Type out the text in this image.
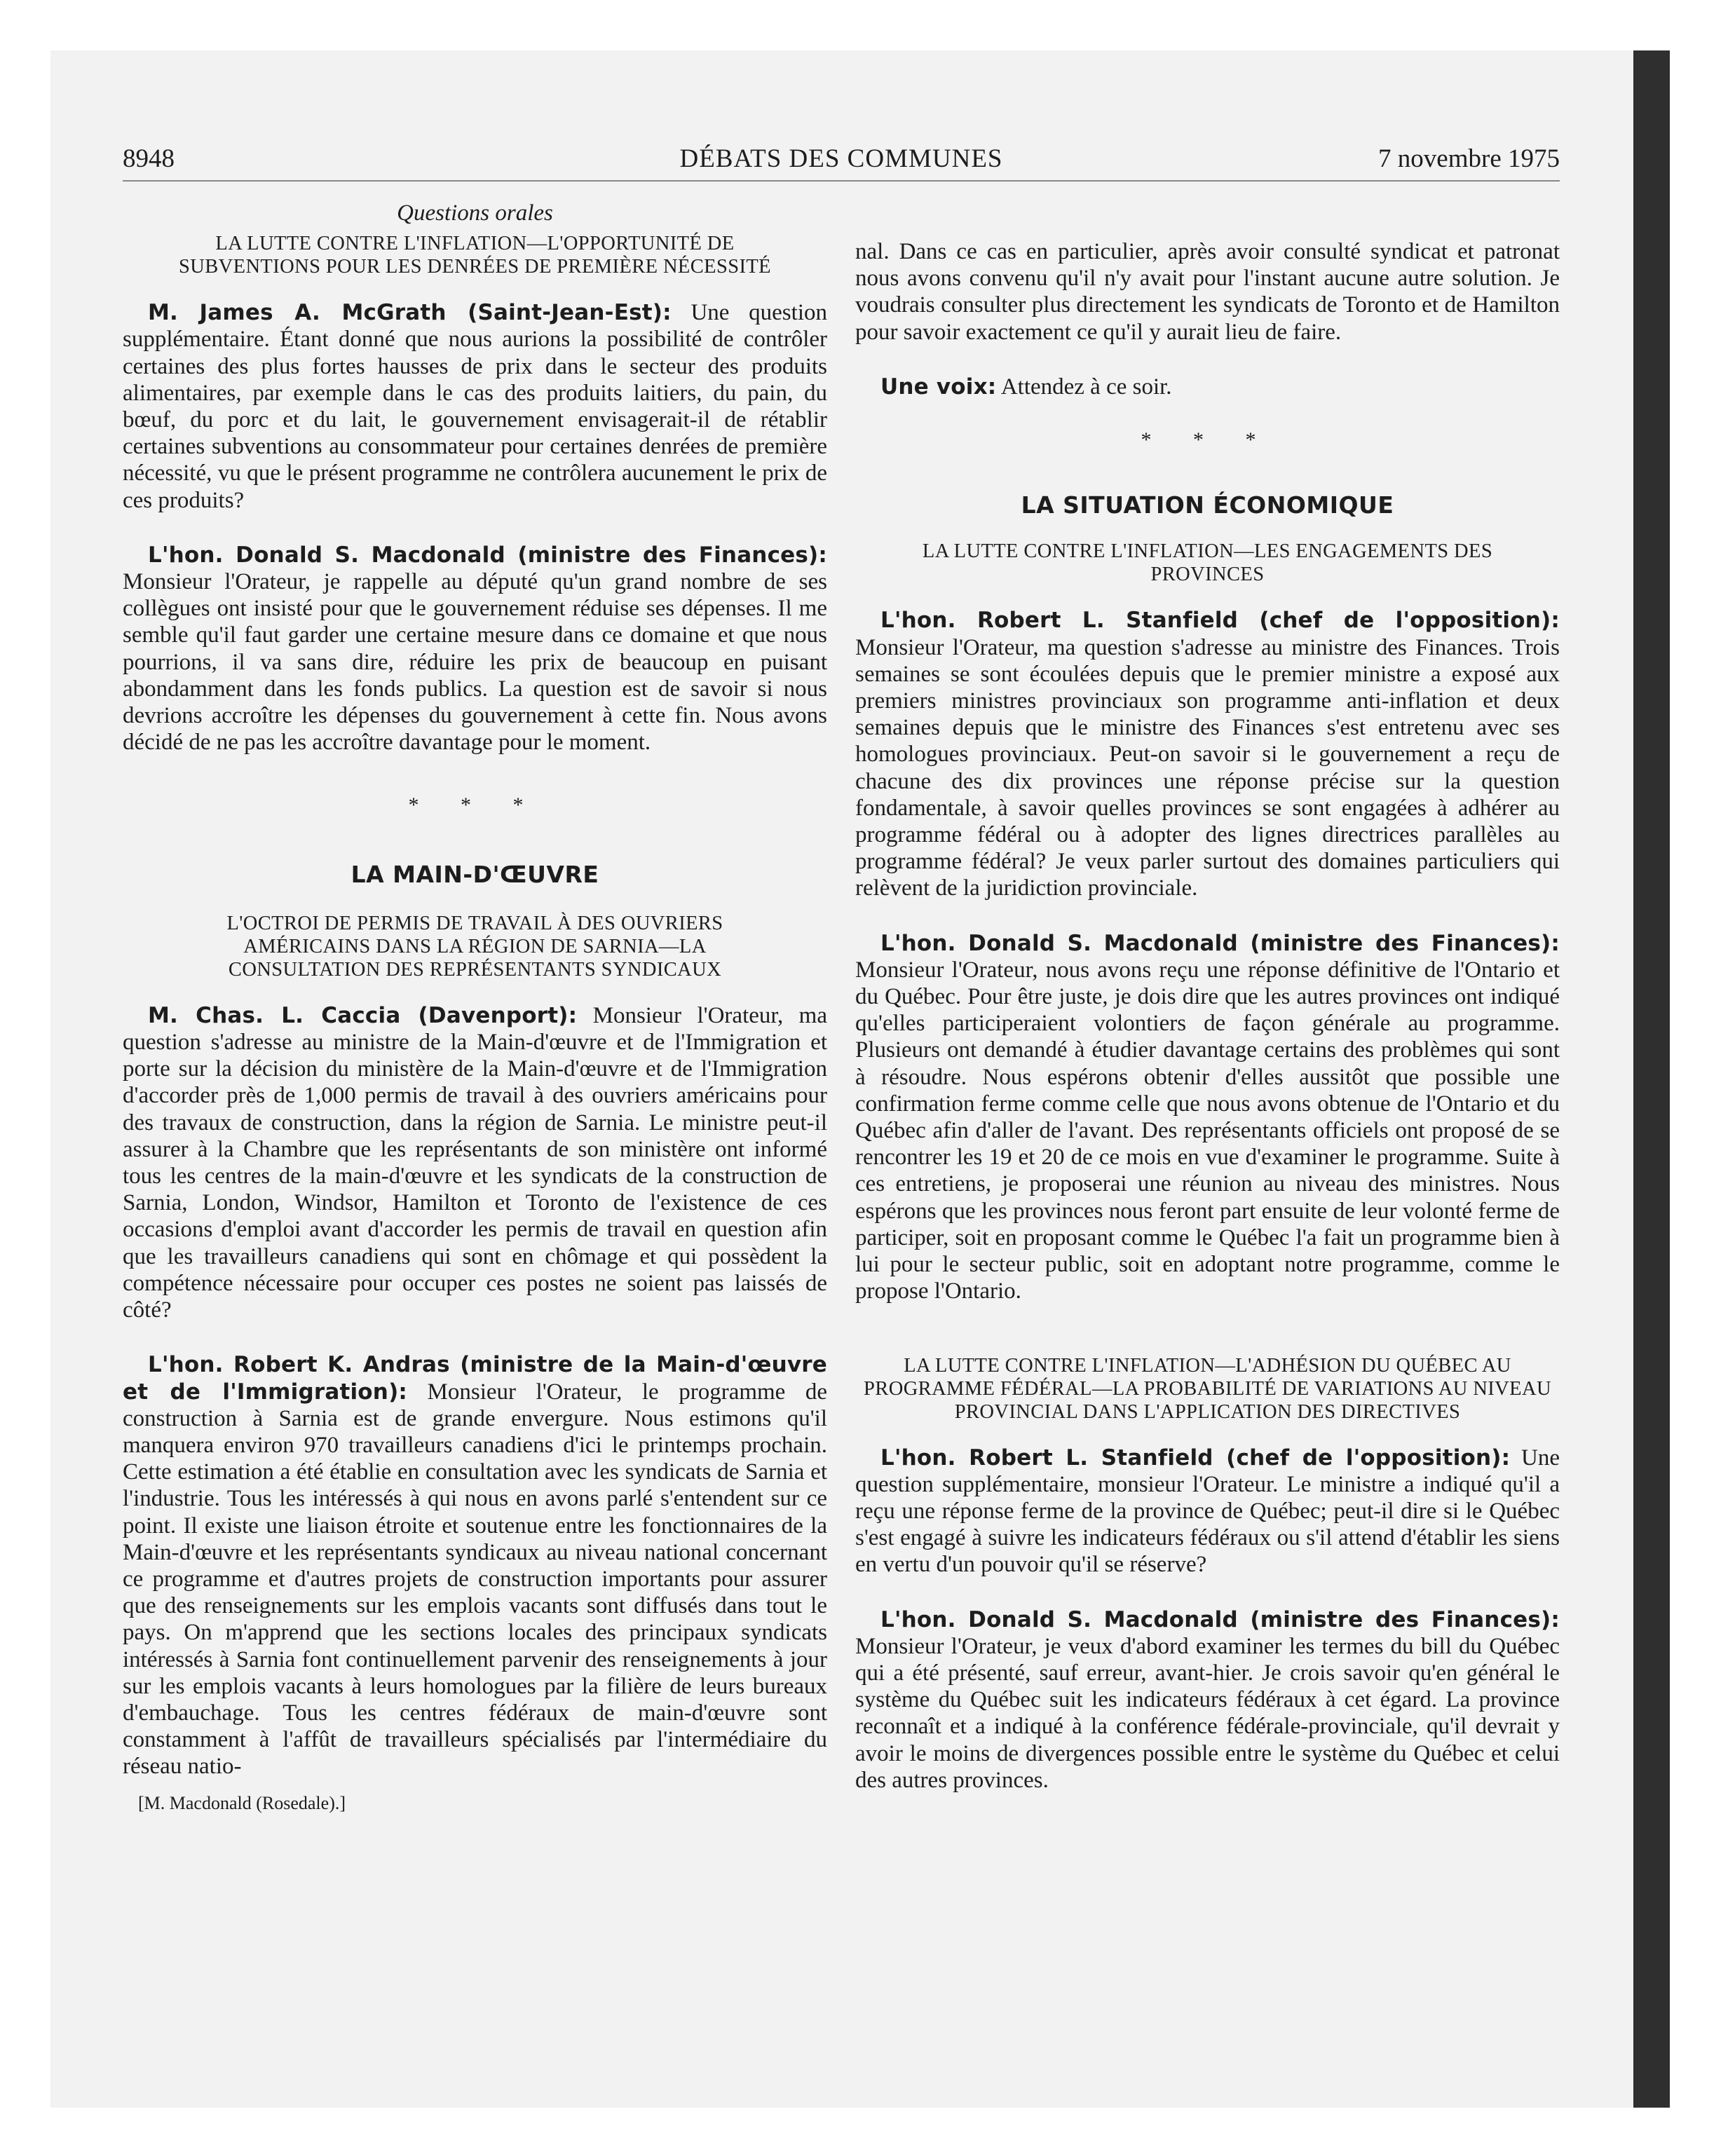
8948	DÉBATS DES COMMUNES	7 novembre 1975

Questions orales

LA LUTTE CONTRE L'INFLATION—L'OPPORTUNITÉ DE SUBVENTIONS POUR LES DENRÉES DE PREMIÈRE NÉCESSITÉ

M. James A. McGrath (Saint-Jean-Est): Une question supplémentaire. Étant donné que nous aurions la possibilité de contrôler certaines des plus fortes hausses de prix dans le secteur des produits alimentaires, par exemple dans le cas des produits laitiers, du pain, du bœuf, du porc et du lait, le gouvernement envisagerait-il de rétablir certaines subventions au consommateur pour certaines denrées de première nécessité, vu que le présent programme ne contrôlera aucunement le prix de ces produits?

L'hon. Donald S. Macdonald (ministre des Finances): Monsieur l'Orateur, je rappelle au député qu'un grand nombre de ses collègues ont insisté pour que le gouvernement réduise ses dépenses. Il me semble qu'il faut garder une certaine mesure dans ce domaine et que nous pourrions, il va sans dire, réduire les prix de beaucoup en puisant abondamment dans les fonds publics. La question est de savoir si nous devrions accroître les dépenses du gouvernement à cette fin. Nous avons décidé de ne pas les accroître davantage pour le moment.

* * *

LA MAIN-D'ŒUVRE

L'OCTROI DE PERMIS DE TRAVAIL À DES OUVRIERS AMÉRICAINS DANS LA RÉGION DE SARNIA—LA CONSULTATION DES REPRÉSENTANTS SYNDICAUX

M. Chas. L. Caccia (Davenport): Monsieur l'Orateur, ma question s'adresse au ministre de la Main-d'œuvre et de l'Immigration et porte sur la décision du ministère de la Main-d'œuvre et de l'Immigration d'accorder près de 1,000 permis de travail à des ouvriers américains pour des travaux de construction, dans la région de Sarnia. Le ministre peut-il assurer à la Chambre que les représentants de son ministère ont informé tous les centres de la main-d'œuvre et les syndicats de la construction de Sarnia, London, Windsor, Hamilton et Toronto de l'existence de ces occasions d'emploi avant d'accorder les permis de travail en question afin que les travailleurs canadiens qui sont en chômage et qui possèdent la compétence nécessaire pour occuper ces postes ne soient pas laissés de côté?

L'hon. Robert K. Andras (ministre de la Main-d'œuvre et de l'Immigration): Monsieur l'Orateur, le programme de construction à Sarnia est de grande envergure. Nous estimons qu'il manquera environ 970 travailleurs canadiens d'ici le printemps prochain. Cette estimation a été établie en consultation avec les syndicats de Sarnia et l'industrie. Tous les intéressés à qui nous en avons parlé s'entendent sur ce point. Il existe une liaison étroite et soutenue entre les fonctionnaires de la Main-d'œuvre et les représentants syndicaux au niveau national concernant ce programme et d'autres projets de construction importants pour assurer que des renseignements sur les emplois vacants sont diffusés dans tout le pays. On m'apprend que les sections locales des principaux syndicats intéressés à Sarnia font continuellement parvenir des renseignements à jour sur les emplois vacants à leurs homologues par la filière de leurs bureaux d'embauchage. Tous les centres fédéraux de main-d'œuvre sont constamment à l'affût de travailleurs spécialisés par l'intermédiaire du réseau natio-

[M. Macdonald (Rosedale).]

nal. Dans ce cas en particulier, après avoir consulté syndicat et patronat nous avons convenu qu'il n'y avait pour l'instant aucune autre solution. Je voudrais consulter plus directement les syndicats de Toronto et de Hamilton pour savoir exactement ce qu'il y aurait lieu de faire.

Une voix: Attendez à ce soir.

* * *

LA SITUATION ÉCONOMIQUE

LA LUTTE CONTRE L'INFLATION—LES ENGAGEMENTS DES PROVINCES

L'hon. Robert L. Stanfield (chef de l'opposition): Monsieur l'Orateur, ma question s'adresse au ministre des Finances. Trois semaines se sont écoulées depuis que le premier ministre a exposé aux premiers ministres provinciaux son programme anti-inflation et deux semaines depuis que le ministre des Finances s'est entretenu avec ses homologues provinciaux. Peut-on savoir si le gouvernement a reçu de chacune des dix provinces une réponse précise sur la question fondamentale, à savoir quelles provinces se sont engagées à adhérer au programme fédéral ou à adopter des lignes directrices parallèles au programme fédéral? Je veux parler surtout des domaines particuliers qui relèvent de la juridiction provinciale.

L'hon. Donald S. Macdonald (ministre des Finances): Monsieur l'Orateur, nous avons reçu une réponse définitive de l'Ontario et du Québec. Pour être juste, je dois dire que les autres provinces ont indiqué qu'elles participeraient volontiers de façon générale au programme. Plusieurs ont demandé à étudier davantage certains des problèmes qui sont à résoudre. Nous espérons obtenir d'elles aussitôt que possible une confirmation ferme comme celle que nous avons obtenue de l'Ontario et du Québec afin d'aller de l'avant. Des représentants officiels ont proposé de se rencontrer les 19 et 20 de ce mois en vue d'examiner le programme. Suite à ces entretiens, je proposerai une réunion au niveau des ministres. Nous espérons que les provinces nous feront part ensuite de leur volonté ferme de participer, soit en proposant comme le Québec l'a fait un programme bien à lui pour le secteur public, soit en adoptant notre programme, comme le propose l'Ontario.

LA LUTTE CONTRE L'INFLATION—L'ADHÉSION DU QUÉBEC AU PROGRAMME FÉDÉRAL—LA PROBABILITÉ DE VARIATIONS AU NIVEAU PROVINCIAL DANS L'APPLICATION DES DIRECTIVES

L'hon. Robert L. Stanfield (chef de l'opposition): Une question supplémentaire, monsieur l'Orateur. Le ministre a indiqué qu'il a reçu une réponse ferme de la province de Québec; peut-il dire si le Québec s'est engagé à suivre les indicateurs fédéraux ou s'il attend d'établir les siens en vertu d'un pouvoir qu'il se réserve?

L'hon. Donald S. Macdonald (ministre des Finances): Monsieur l'Orateur, je veux d'abord examiner les termes du bill du Québec qui a été présenté, sauf erreur, avant-hier. Je crois savoir qu'en général le système du Québec suit les indicateurs fédéraux à cet égard. La province reconnaît et a indiqué à la conférence fédérale-provinciale, qu'il devrait y avoir le moins de divergences possible entre le système du Québec et celui des autres provinces.
